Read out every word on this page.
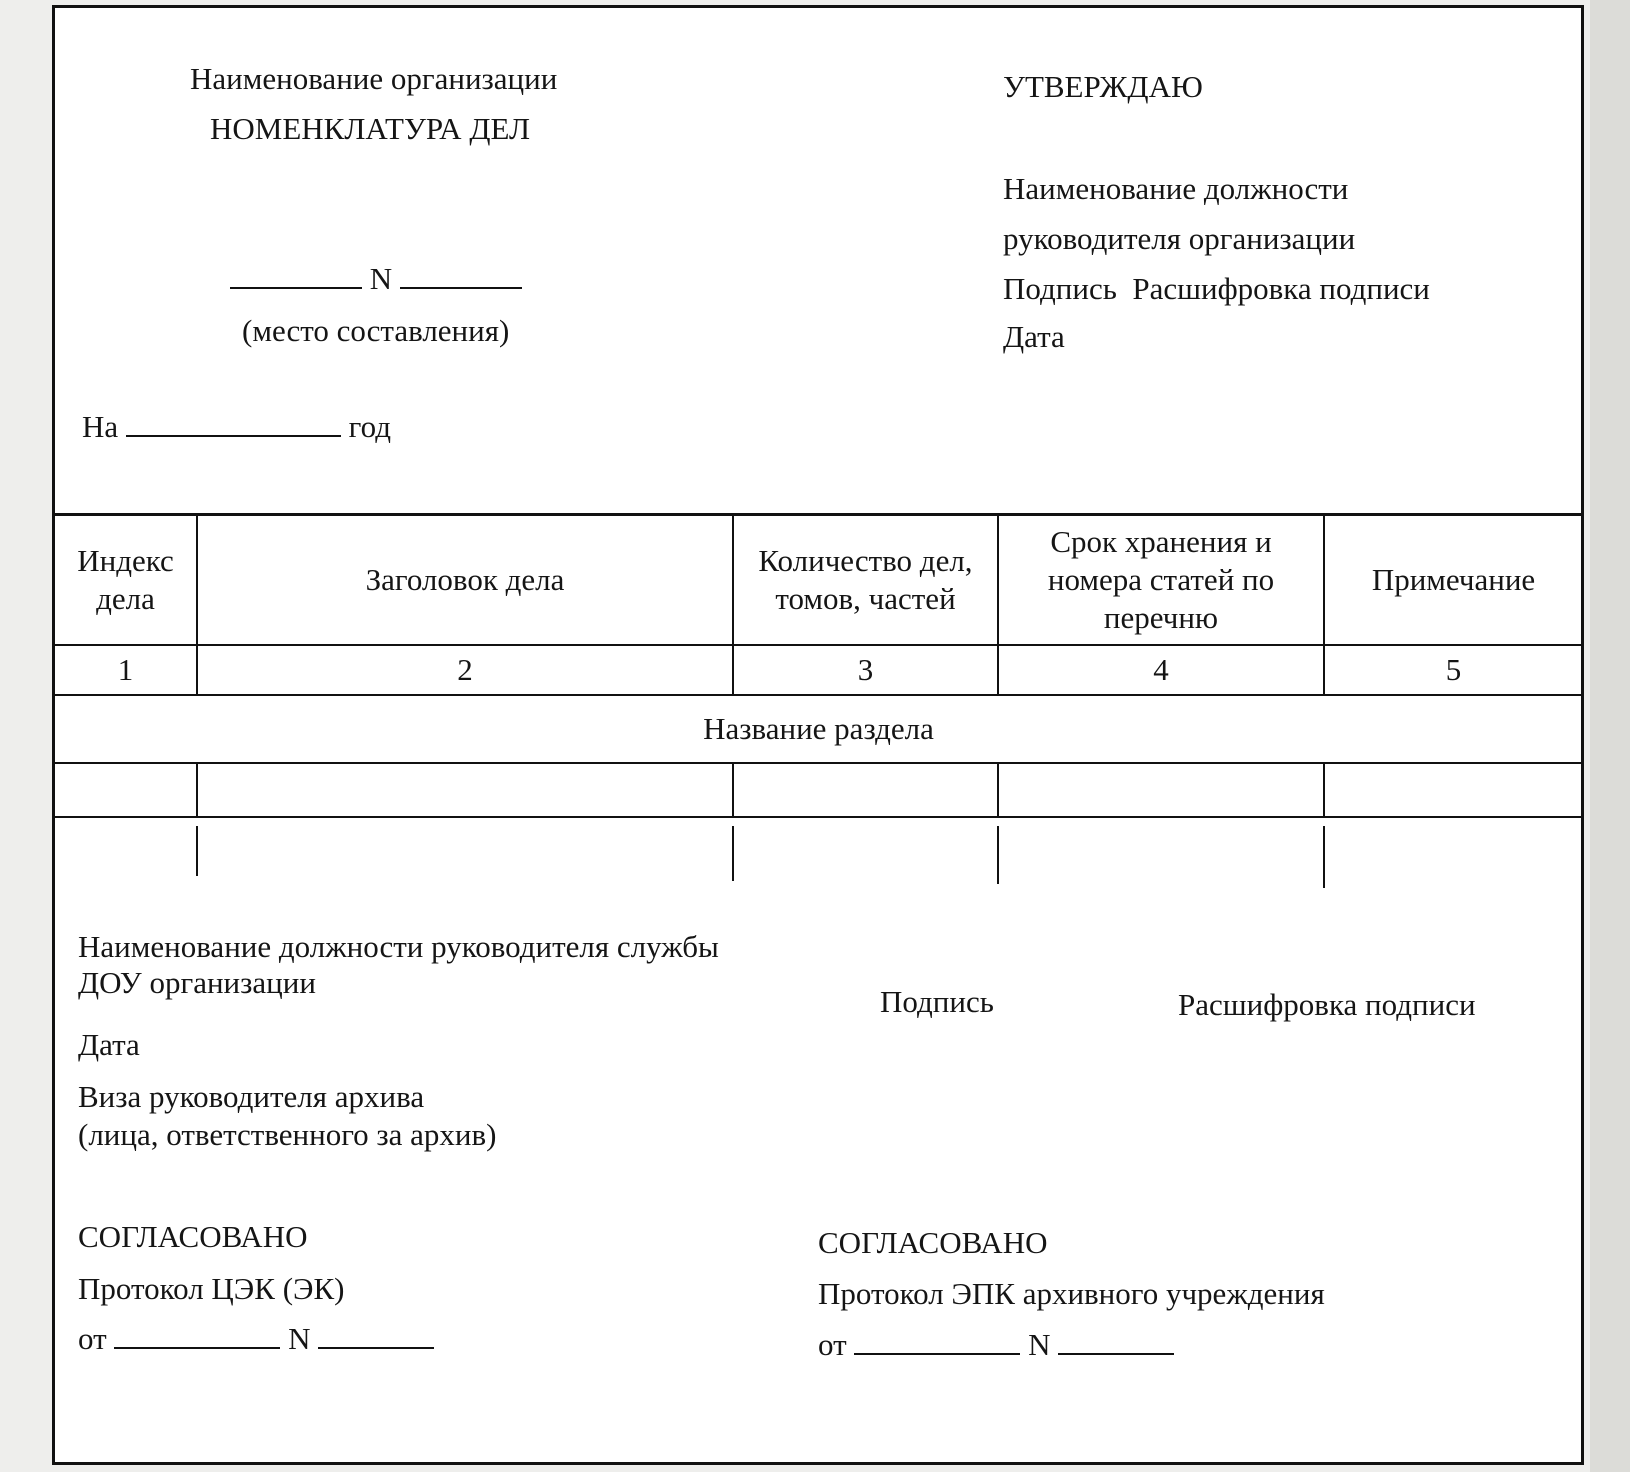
Наименование организации
НОМЕНКЛАТУРА ДЕЛ
N
(место составления)
На	год
УТВЕРЖДАЮ
Наименование должности
руководителя организации
Подпись Расшифровка подписи
Дата
Индекс дела	Заголовок дела	Количество дел, томов, частей	Срок хранения и номера статей по перечню	Примечание
1	2	3	4	5
Название раздела				

Наименование должности руководителя службы
ДОУ организации
Подпись	Расшифровка подписи
Дата
Виза руководителя архива
(лица, ответственного за архив)
СОГЛАСОВАНО
Протокол ЦЭК (ЭК)
от	N
СОГЛАСОВАНО
Протокол ЭПК архивного учреждения
от	N
